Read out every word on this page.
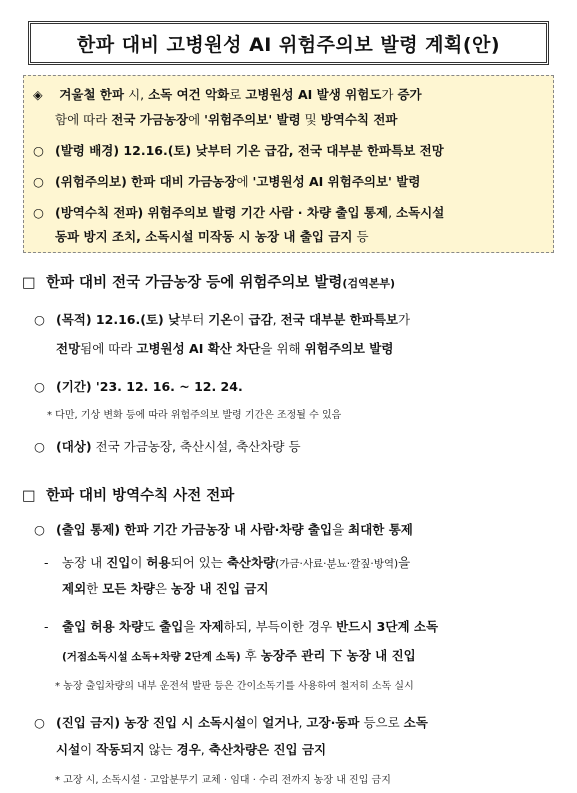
한파 대비 고병원성 AI 위험주의보 발령 계획(안)
◈ 겨울철 한파 시, 소독 여건 악화로 고병원성 AI 발생 위험도가 증가
함에 따라 전국 가금농장에 '위험주의보' 발령 및 방역수칙 전파
○ (발령 배경) 12.16.(토) 낮부터 기온 급감, 전국 대부분 한파특보 전망
○ (위험주의보) 한파 대비 가금농장에 '고병원성 AI 위험주의보' 발령
○ (방역수칙 전파) 위험주의보 발령 기간 사람 · 차량 출입 통제, 소독시설
동파 방지 조치, 소독시설 미작동 시 농장 내 출입 금지 등
□ 한파 대비 전국 가금농장 등에 위험주의보 발령(검역본부)
○ (목적) 12.16.(토) 낮부터 기온이 급감, 전국 대부분 한파특보가
전망됨에 따라 고병원성 AI 확산 차단을 위해 위험주의보 발령
○ (기간) '23. 12. 16. ~ 12. 24.
* 다만, 기상 변화 등에 따라 위험주의보 발령 기간은 조정될 수 있음
○ (대상) 전국 가금농장, 축산시설, 축산차량 등
□ 한파 대비 방역수칙 사전 전파
○ (출입 통제) 한파 기간 가금농장 내 사람·차량 출입을 최대한 통제
- 농장 내 진입이 허용되어 있는 축산차량(가금·사료·분뇨·깔짚·방역)을
제외한 모든 차량은 농장 내 진입 금지
- 출입 허용 차량도 출입을 자제하되, 부득이한 경우 반드시 3단계 소독
(거점소독시설 소독+차량 2단계 소독) 후 농장주 관리 下 농장 내 진입
* 농장 출입차량의 내부 운전석 발판 등은 간이소독기를 사용하여 철저히 소독 실시
○ (진입 금지) 농장 진입 시 소독시설이 얼거나, 고장·동파 등으로 소독
시설이 작동되지 않는 경우, 축산차량은 진입 금지
* 고장 시, 소독시설 · 고압분무기 교체 · 임대 · 수리 전까지 농장 내 진입 금지
